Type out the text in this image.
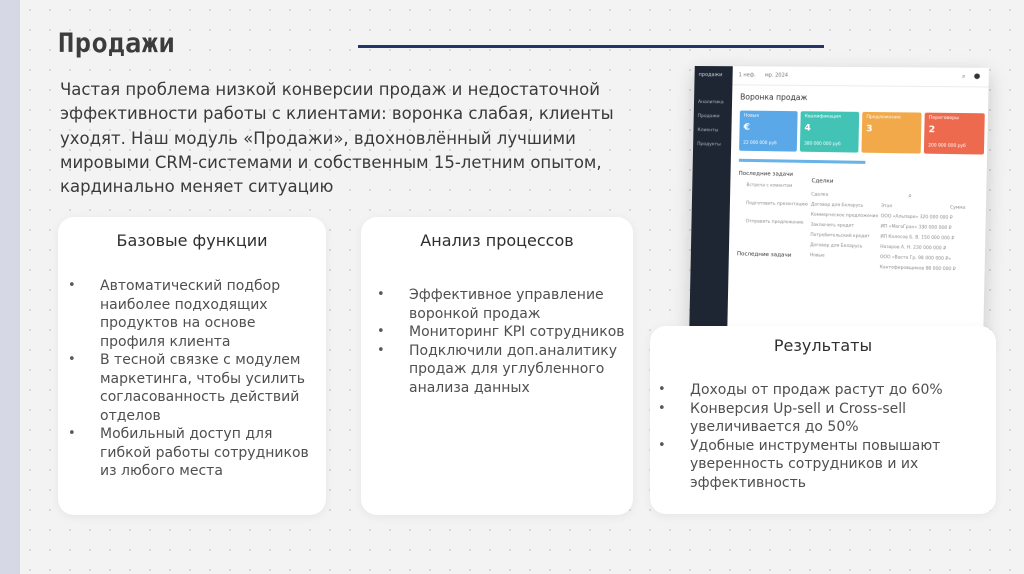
Продажи
Частая проблема низкой конверсии продаж и недостаточной эффективности работы с клиентами: воронка слабая, клиенты уходят. Наш модуль «Продажи», вдохновлённый лучшими мировыми CRM-системами и собственным 15-летним опытом, кардинально меняет ситуацию
продажи
Аналитика
Продажи
Клиенты
Продукты
1 неф. мр. 2024	⌕ ●
Воронка продаж
Новые
€
22 000 000 руб
Квалификация
4
380 000 000 руб
Предложение
3
Переговоры
2
200 000 000 руб
Последние задачи
Встреча с клиентом
Подготовить презентацию
Отправить предложение
Последние задачи
Сделки
⌕
Этап	Сумма
Сделка
Договор для Беларусь
Коммерческое предложение
Заключить кредит
Потребительский кредит
Договор для Беларусь
Новые
ООО «Альпари» 320 000 000 ₽
ИП «МагоГран» 330 000 000 ₽
ИП Колесов Б. В. 150 000 000 ₽
Назаров А. Н. 230 000 000 ₽
ООО «Васта Гр. 98 000 000 ₽»
Кантофировщиков 88 000 000 ₽
Базовые функции
• Автоматический подбор наиболее подходящих продуктов на основе профиля клиента
• В тесной связке с модулем маркетинга, чтобы усилить согласованность действий отделов
• Мобильный доступ для гибкой работы сотрудников из любого места
Анализ процессов
• Эффективное управление воронкой продаж
• Мониторинг KPI сотрудников
• Подключили доп.аналитику продаж для углубленного анализа данных
Результаты
• Доходы от продаж растут до 60%
• Конверсия Up-sell и Cross-sell увеличивается до 50%
• Удобные инструменты повышают уверенность сотрудников и их эффективность
